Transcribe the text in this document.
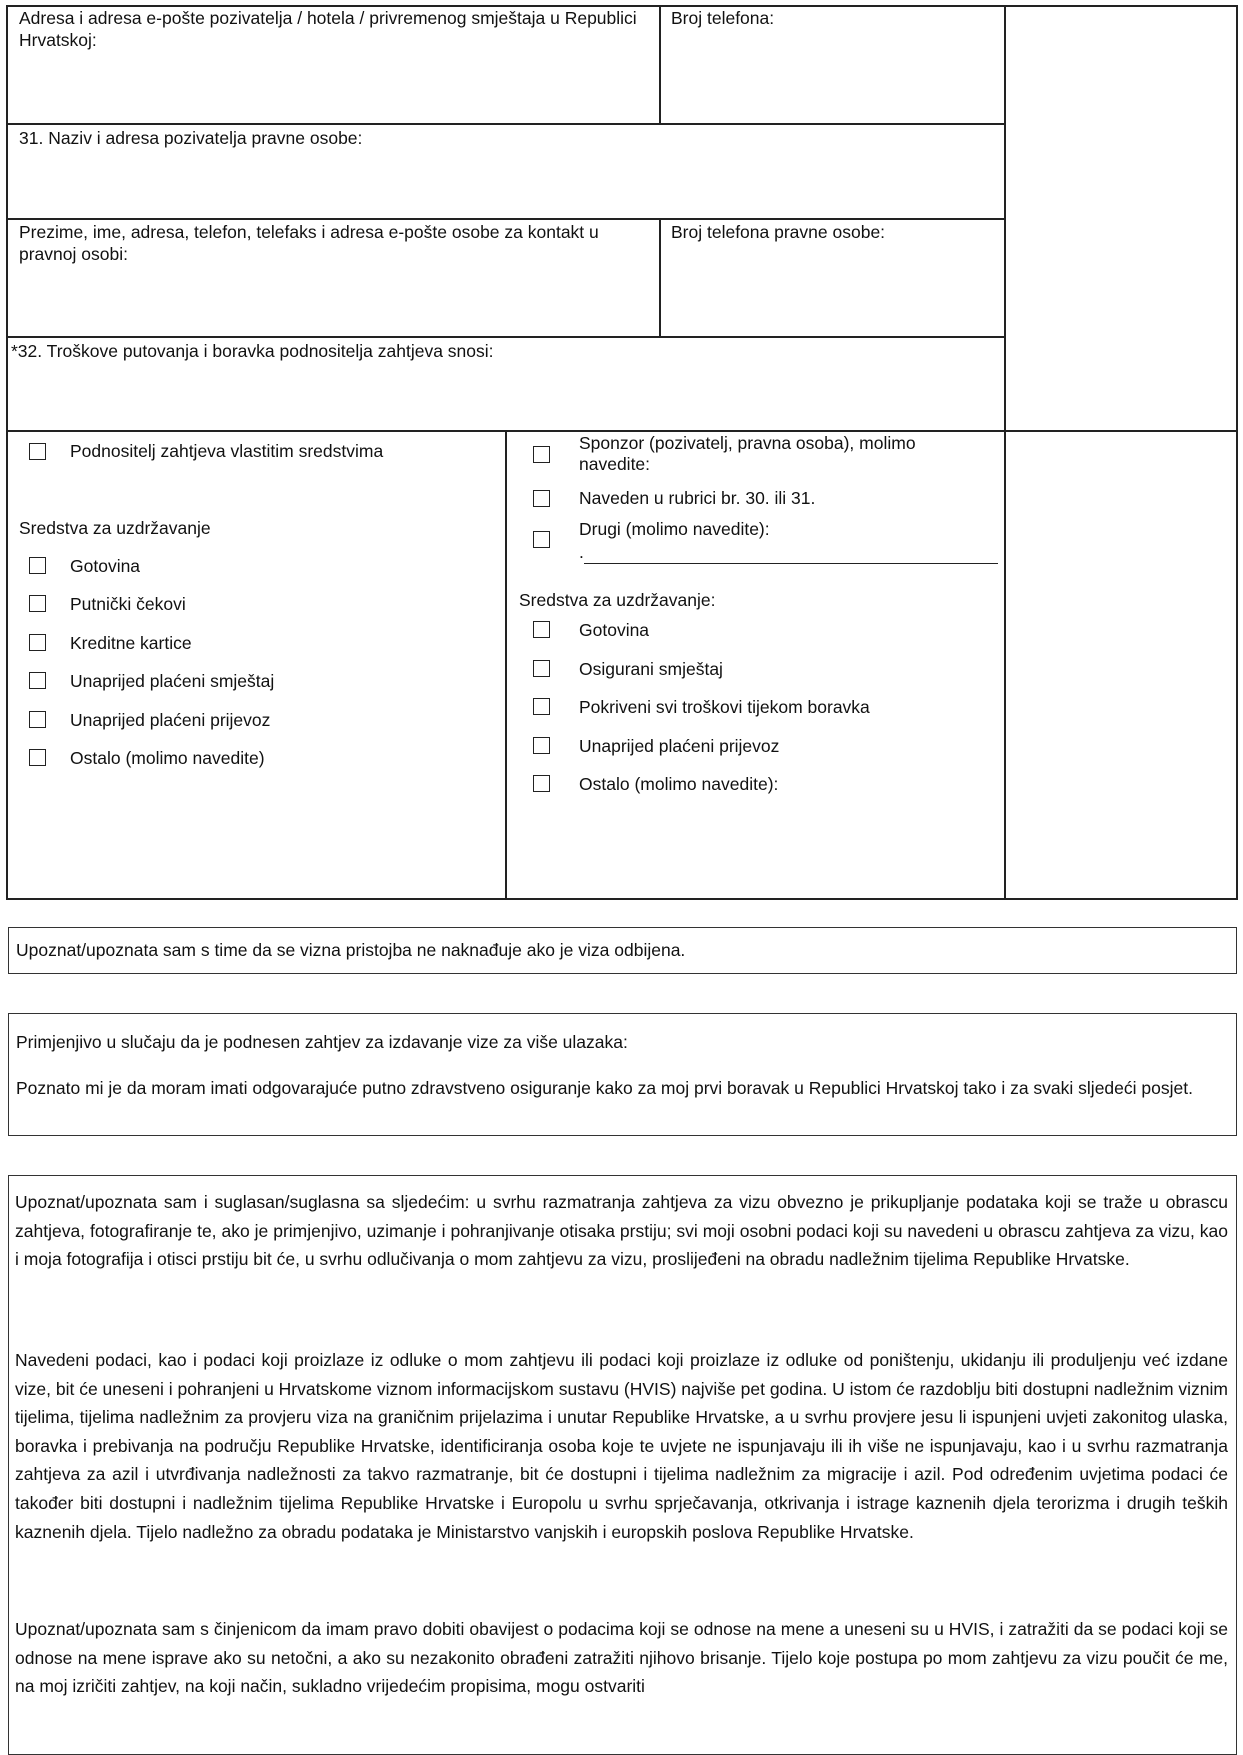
Adresa i adresa e-pošte pozivatelja / hotela / privremenog smještaja u Republici Hrvatskoj:
Broj telefona:
31. Naziv i adresa pozivatelja pravne osobe:
Prezime, ime, adresa, telefon, telefaks i adresa e-pošte osobe za kontakt u pravnoj osobi:
Broj telefona pravne osobe:
*32. Troškove putovanja i boravka podnositelja zahtjeva snosi:
Podnositelj zahtjeva vlastitim sredstvima
Sredstva za uzdržavanje
Gotovina
Putnički čekovi
Kreditne kartice
Unaprijed plaćeni smještaj
Unaprijed plaćeni prijevoz
Ostalo (molimo navedite)
Sponzor (pozivatelj, pravna osoba), molimo navedite:
Naveden u rubrici br. 30. ili 31.
Drugi (molimo navedite):
.
Sredstva za uzdržavanje:
Gotovina
Osigurani smještaj
Pokriveni svi troškovi tijekom boravka
Unaprijed plaćeni prijevoz
Ostalo (molimo navedite):
Upoznat/upoznata sam s time da se vizna pristojba ne naknađuje ako je viza odbijena.
Primjenjivo u slučaju da je podnesen zahtjev za izdavanje vize za više ulazaka:
Poznato mi je da moram imati odgovarajuće putno zdravstveno osiguranje kako za moj prvi boravak u Republici Hrvatskoj tako i za svaki sljedeći posjet.
Upoznat/upoznata sam i suglasan/suglasna sa sljedećim: u svrhu razmatranja zahtjeva za vizu obvezno je prikupljanje podataka koji se traže u obrascu zahtjeva, fotografiranje te, ako je primjenjivo, uzimanje i pohranjivanje otisaka prstiju; svi moji osobni podaci koji su navedeni u obrascu zahtjeva za vizu, kao i moja fotografija i otisci prstiju bit će, u svrhu odlučivanja o mom zahtjevu za vizu, proslijeđeni na obradu nadležnim tijelima Republike Hrvatske.
Navedeni podaci, kao i podaci koji proizlaze iz odluke o mom zahtjevu ili podaci koji proizlaze iz odluke od poništenju, ukidanju ili produljenju već izdane vize, bit će uneseni i pohranjeni u Hrvatskome viznom informacijskom sustavu (HVIS) najviše pet godina. U istom će razdoblju biti dostupni nadležnim viznim tijelima, tijelima nadležnim za provjeru viza na graničnim prijelazima i unutar Republike Hrvatske, a u svrhu provjere jesu li ispunjeni uvjeti zakonitog ulaska, boravka i prebivanja na području Republike Hrvatske, identificiranja osoba koje te uvjete ne ispunjavaju ili ih više ne ispunjavaju, kao i u svrhu razmatranja zahtjeva za azil i utvrđivanja nadležnosti za takvo razmatranje, bit će dostupni i tijelima nadležnim za migracije i azil. Pod određenim uvjetima podaci će također biti dostupni i nadležnim tijelima Republike Hrvatske i Europolu u svrhu sprječavanja, otkrivanja i istrage kaznenih djela terorizma i drugih teških kaznenih djela. Tijelo nadležno za obradu podataka je Ministarstvo vanjskih i europskih poslova Republike Hrvatske.
Upoznat/upoznata sam s činjenicom da imam pravo dobiti obavijest o podacima koji se odnose na mene a uneseni su u HVIS, i zatražiti da se podaci koji se odnose na mene isprave ako su netočni, a ako su nezakonito obrađeni zatražiti njihovo brisanje. Tijelo koje postupa po mom zahtjevu za vizu poučit će me, na moj izričiti zahtjev, na koji način, sukladno vrijedećim propisima, mogu ostvariti
